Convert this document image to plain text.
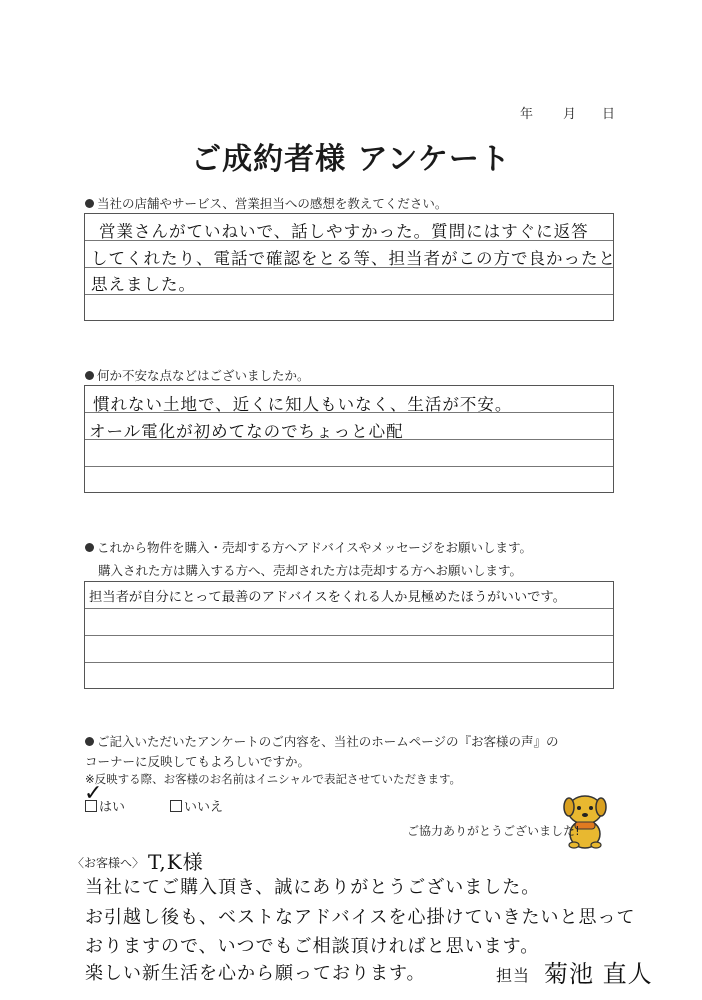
年 月 日
ご成約者様 アンケート
当社の店舗やサービス、営業担当への感想を教えてください。
営業さんがていねいで、話しやすかった。質問にはすぐに返答
してくれたり、電話で確認をとる等、担当者がこの方で良かったと
思えました。
何か不安な点などはございましたか。
慣れない土地で、近くに知人もいなく、生活が不安。
オール電化が初めてなのでちょっと心配
これから物件を購入・売却する方へアドバイスやメッセージをお願いします。
購入された方は購入する方へ、売却された方は売却する方へお願いします。
担当者が自分にとって最善のアドバイスをくれる人か見極めたほうがいいです。
ご記入いただいたアンケートのご内容を、当社のホームページの『お客様の声』の
コーナーに反映してもよろしいですか。
※反映する際、お客様のお名前はイニシャルで表記させていただきます。
はい
✓
いいえ
ご協力ありがとうございました!
〈お客様へ〉 T,K様
当社にてご購入頂き、誠にありがとうございました。
お引越し後も、ベストなアドバイスを心掛けていきたいと思って
おりますので、いつでもご相談頂ければと思います。
楽しい新生活を心から願っております。	担当 菊池 直人
